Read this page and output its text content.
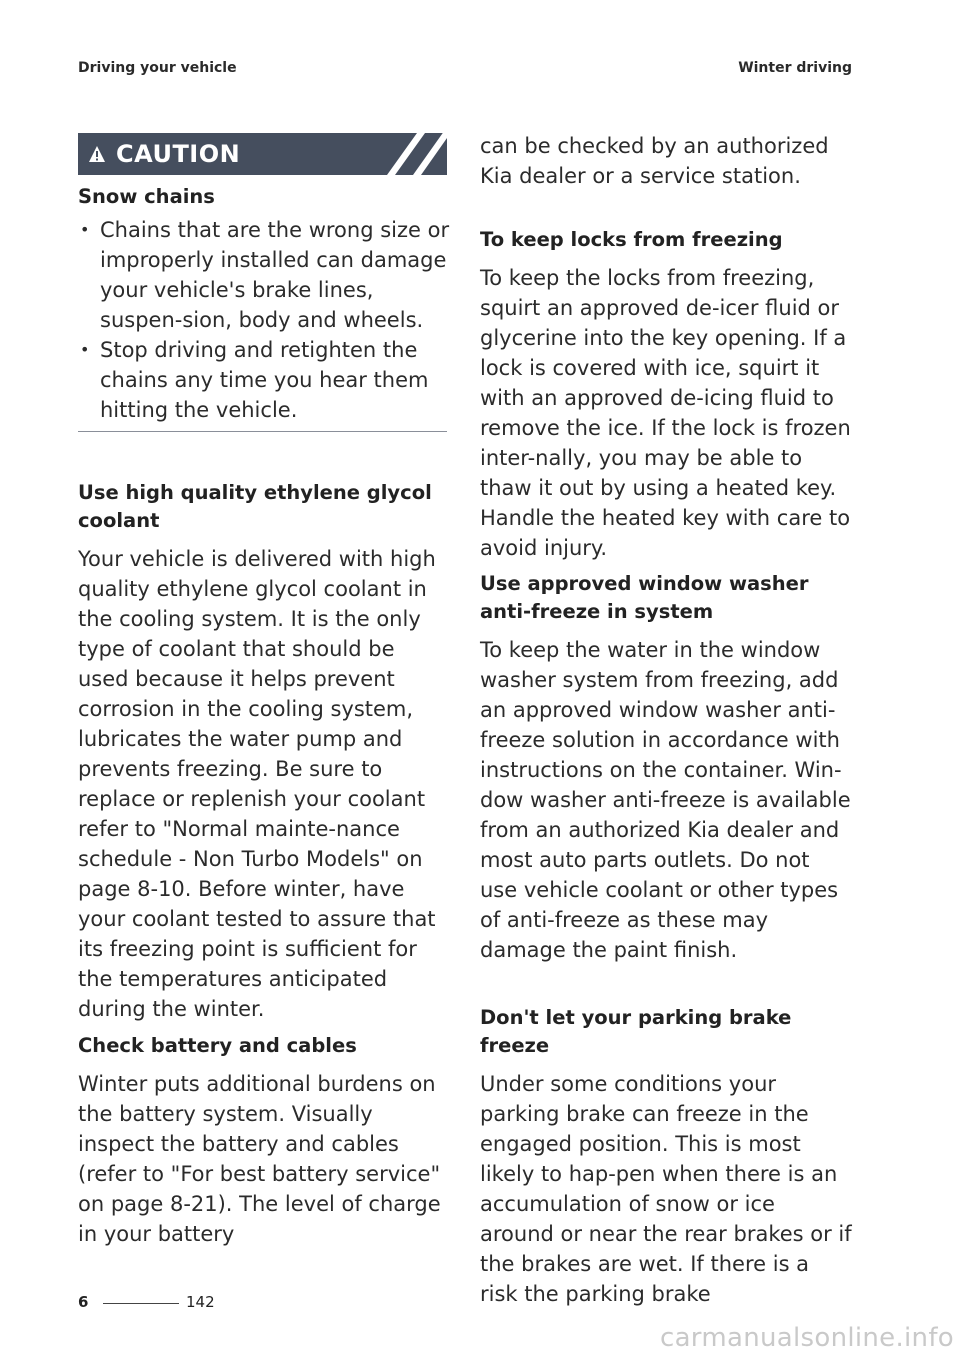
Driving your vehicle	Winter driving
CAUTION
Snow chains
• Chains that are the wrong size or improperly installed can damage your vehicle's brake lines, suspen-sion, body and wheels.
• Stop driving and retighten the chains any time you hear them hitting the vehicle.
Use high quality ethylene glycol coolant
Your vehicle is delivered with high quality ethylene glycol coolant in the cooling system. It is the only type of coolant that should be used because it helps prevent corrosion in the cooling system, lubricates the water pump and prevents freezing. Be sure to replace or replenish your coolant refer to "Normal mainte-nance schedule - Non Turbo Models" on page 8-10. Before winter, have your coolant tested to assure that its freezing point is sufficient for the temperatures anticipated during the winter.
Check battery and cables
Winter puts additional burdens on the battery system. Visually inspect the battery and cables (refer to "For best battery service" on page 8-21). The level of charge in your battery
can be checked by an authorized Kia dealer or a service station.
To keep locks from freezing
To keep the locks from freezing, squirt an approved de-icer fluid or glycerine into the key opening. If a lock is covered with ice, squirt it with an approved de-icing fluid to remove the ice. If the lock is frozen inter-nally, you may be able to thaw it out by using a heated key. Handle the heated key with care to avoid injury.
Use approved window washer anti-freeze in system
To keep the water in the window washer system from freezing, add an approved window washer anti-freeze solution in accordance with instructions on the container. Win-dow washer anti-freeze is available from an authorized Kia dealer and most auto parts outlets. Do not use vehicle coolant or other types of anti-freeze as these may damage the paint finish.
Don't let your parking brake freeze
Under some conditions your parking brake can freeze in the engaged position. This is most likely to hap-pen when there is an accumulation of snow or ice around or near the rear brakes or if the brakes are wet. If there is a risk the parking brake
6	142
carmanualsonline.info
